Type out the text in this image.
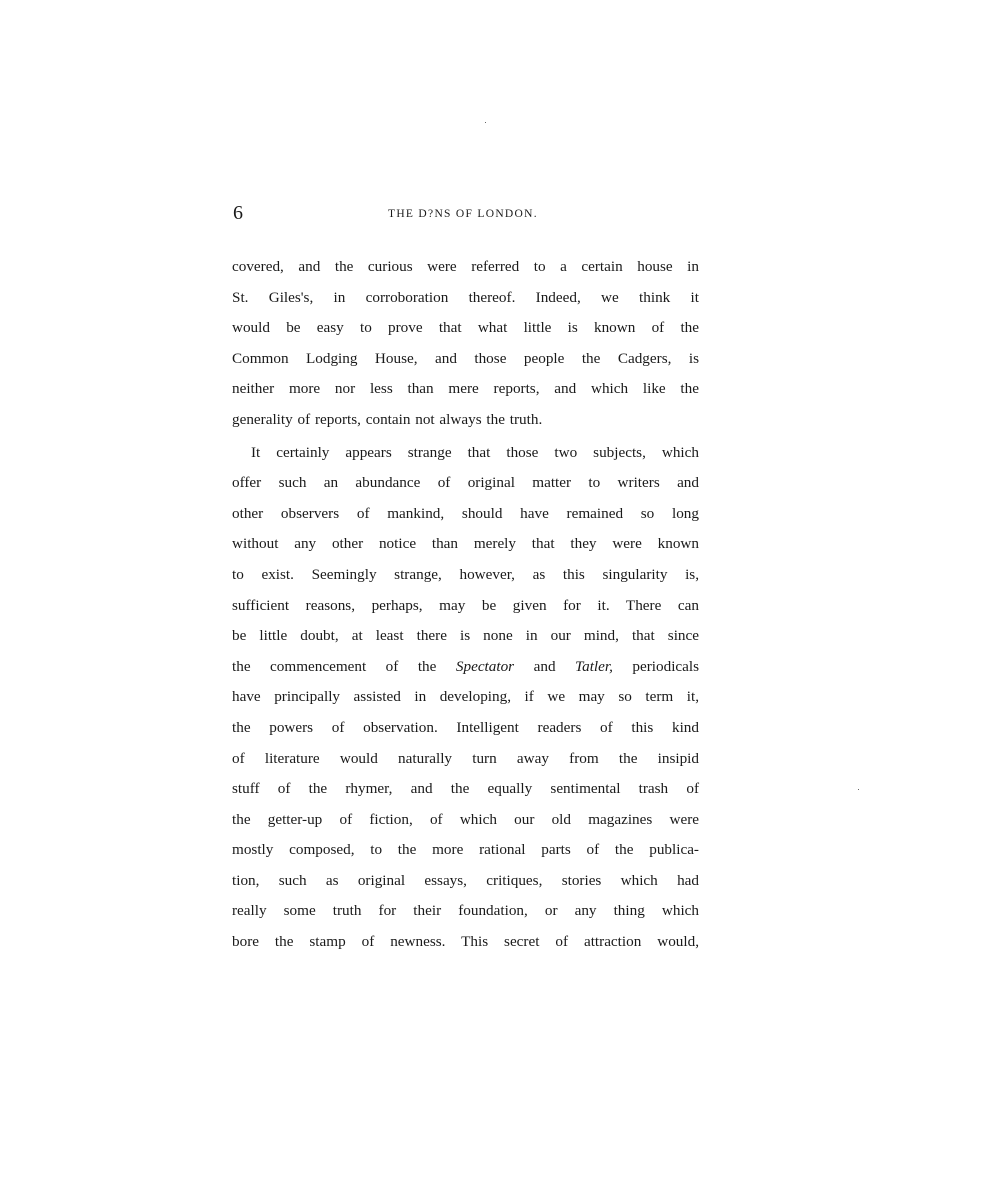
6	THE D?NS OF LONDON.
covered, and the curious were referred to a certain house in
St. Giles's, in corroboration thereof. Indeed, we think it
would be easy to prove that what little is known of the
Common Lodging House, and those people the Cadgers, is
neither more nor less than mere reports, and which like the
generality of reports, contain not always the truth.
It certainly appears strange that those two subjects, which
offer such an abundance of original matter to writers and
other observers of mankind, should have remained so long
without any other notice than merely that they were known
to exist. Seemingly strange, however, as this singularity is,
sufficient reasons, perhaps, may be given for it. There can
be little doubt, at least there is none in our mind, that since
the commencement of the Spectator and Tatler, periodicals
have principally assisted in developing, if we may so term it,
the powers of observation. Intelligent readers of this kind
of literature would naturally turn away from the insipid
stuff of the rhymer, and the equally sentimental trash of
the getter-up of fiction, of which our old magazines were
mostly composed, to the more rational parts of the publica-
tion, such as original essays, critiques, stories which had
really some truth for their foundation, or any thing which
bore the stamp of newness. This secret of attraction would,
